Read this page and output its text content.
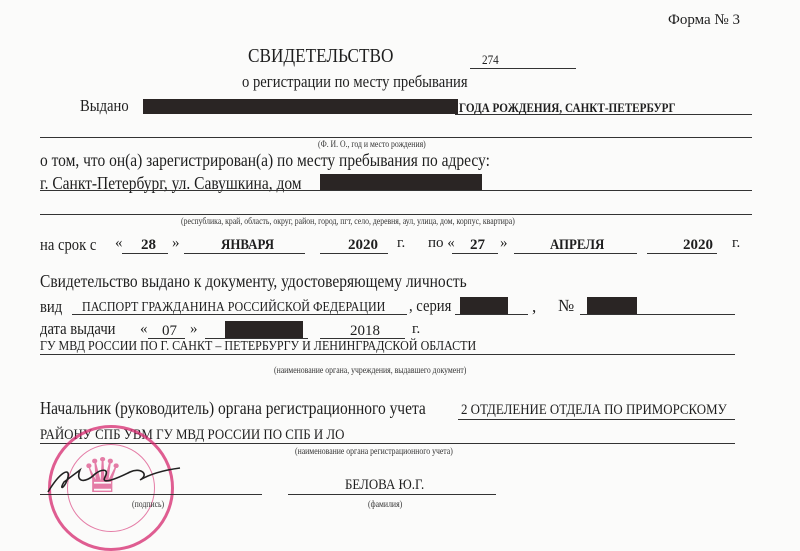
Форма № 3
СВИДЕТЕЛЬСТВО	274
о регистрации по месту пребывания
Выдано	ГОДА РОЖДЕНИЯ, САНКТ-ПЕТЕРБУРГ
(Ф. И. О., год и место рождения)
о том, что он(а) зарегистрирован(а) по месту пребывания по адресу:
г. Санкт-Петербург, ул. Савушкина, дом
(республика, край, область, округ, район, город, пгт, село, деревня, аул, улица, дом, корпус, квартира)
на срок с « 28 »	ЯНВАРЯ	2020 г. по « 27 »	АПРЕЛЯ	2020 г.
Свидетельство выдано к документу, удостоверяющему личность
вид ПАСПОРТ ГРАЖДАНИНА РОССИЙСКОЙ ФЕДЕРАЦИИ , серия	, №
дата выдачи « 07 »	2018 г.
ГУ МВД РОССИИ ПО Г. САНКТ – ПЕТЕРБУРГУ И ЛЕНИНГРАДСКОЙ ОБЛАСТИ
(наименование органа, учреждения, выдавшего документ)
Начальник (руководитель) органа регистрационного учета 2 ОТДЕЛЕНИЕ ОТДЕЛА ПО ПРИМОРСКОМУ
РАЙОНУ СПБ УВМ ГУ МВД РОССИИ ПО СПБ И ЛО
(наименование органа регистрационного учета)
♛
(подпись)
БЕЛОВА Ю.Г.
(фамилия)
